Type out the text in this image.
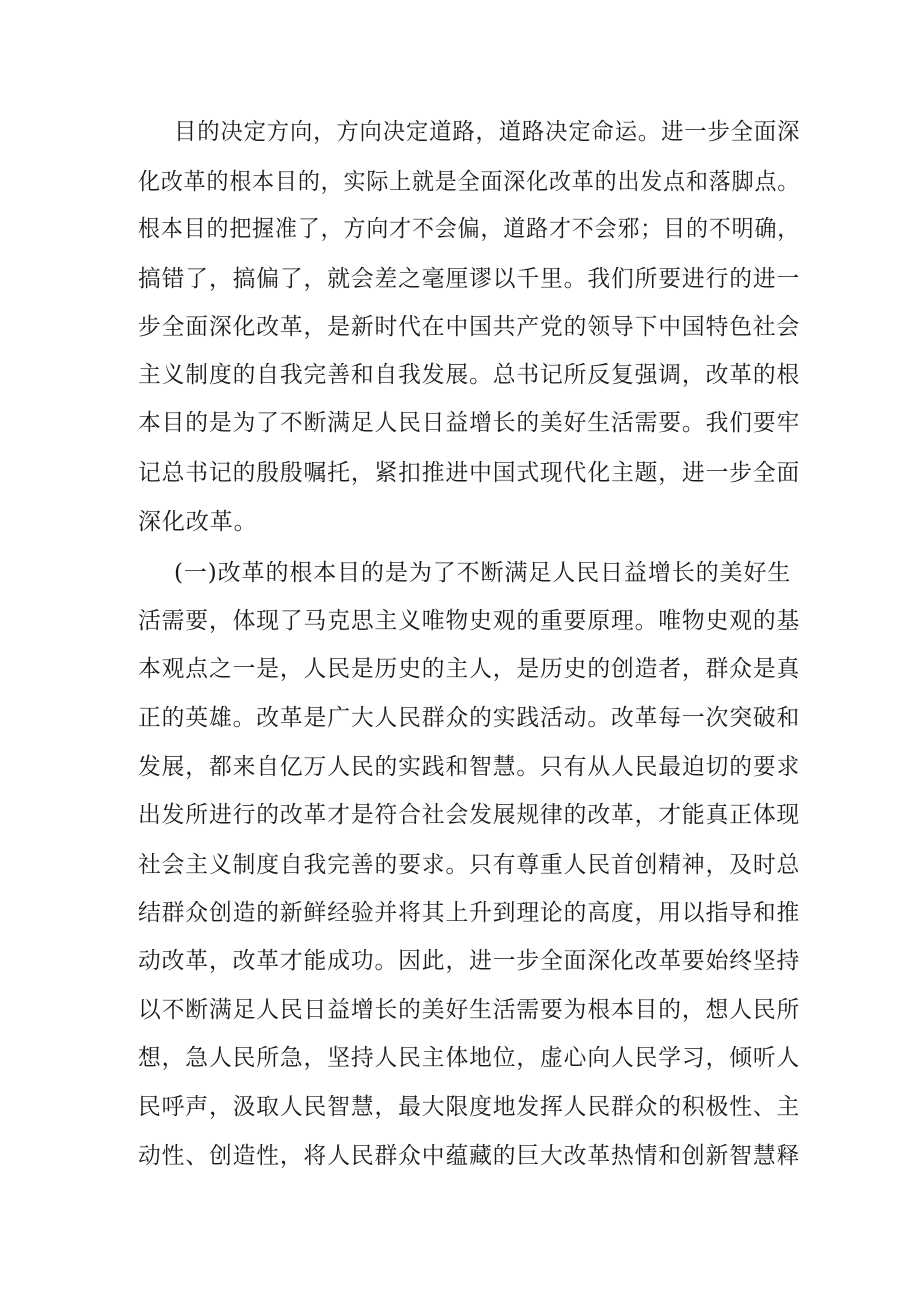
目的决定方向，方向决定道路，道路决定命运。进一步全面深
化改革的根本目的，实际上就是全面深化改革的出发点和落脚点。
根本目的把握准了，方向才不会偏，道路才不会邪；目的不明确，
搞错了，搞偏了，就会差之毫厘谬以千里。我们所要进行的进一
步全面深化改革，是新时代在中国共产党的领导下中国特色社会
主义制度的自我完善和自我发展。总书记所反复强调，改革的根
本目的是为了不断满足人民日益增长的美好生活需要。我们要牢
记总书记的殷殷嘱托，紧扣推进中国式现代化主题，进一步全面
深化改革。
(一)改革的根本目的是为了不断满足人民日益增长的美好生
活需要，体现了马克思主义唯物史观的重要原理。唯物史观的基
本观点之一是，人民是历史的主人，是历史的创造者，群众是真
正的英雄。改革是广大人民群众的实践活动。改革每一次突破和
发展，都来自亿万人民的实践和智慧。只有从人民最迫切的要求
出发所进行的改革才是符合社会发展规律的改革，才能真正体现
社会主义制度自我完善的要求。只有尊重人民首创精神，及时总
结群众创造的新鲜经验并将其上升到理论的高度，用以指导和推
动改革，改革才能成功。因此，进一步全面深化改革要始终坚持
以不断满足人民日益增长的美好生活需要为根本目的，想人民所
想，急人民所急，坚持人民主体地位，虚心向人民学习，倾听人
民呼声，汲取人民智慧，最大限度地发挥人民群众的积极性、主
动性、创造性，将人民群众中蕴藏的巨大改革热情和创新智慧释
